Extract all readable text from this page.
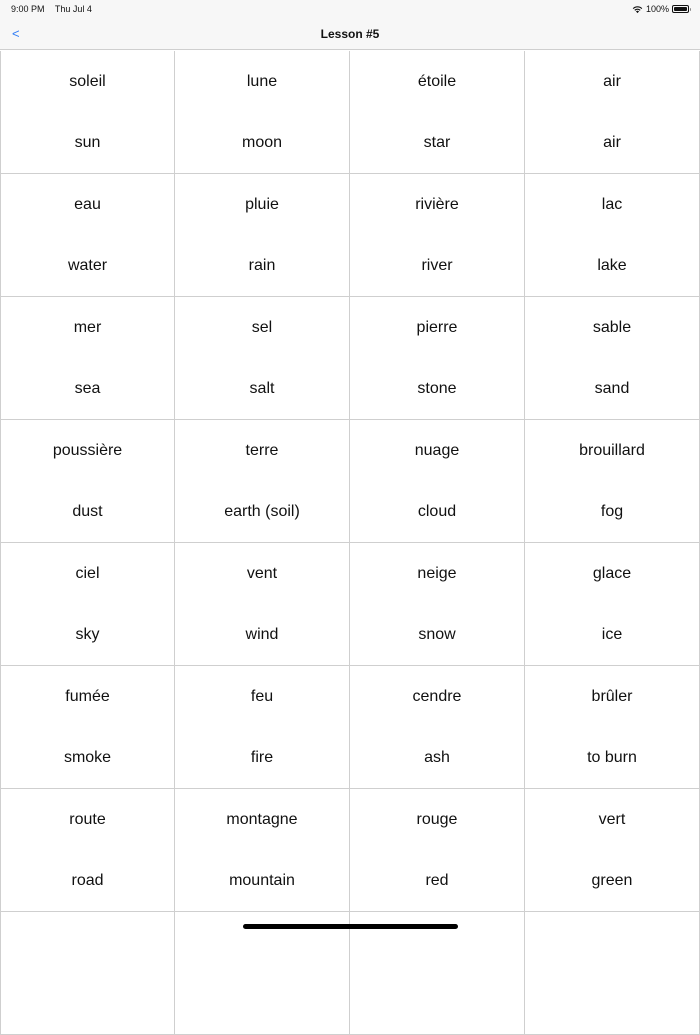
9:00 PM Thu Jul 4	100%
<	Lesson #5
soleil
sun
lune
moon
étoile
star
air
air
eau
water
pluie
rain
rivière
river
lac
lake
mer
sea
sel
salt
pierre
stone
sable
sand
poussière
dust
terre
earth (soil)
nuage
cloud
brouillard
fog
ciel
sky
vent
wind
neige
snow
glace
ice
fumée
smoke
feu
fire
cendre
ash
brûler
to burn
route
road
montagne
mountain
rouge
red
vert
green
